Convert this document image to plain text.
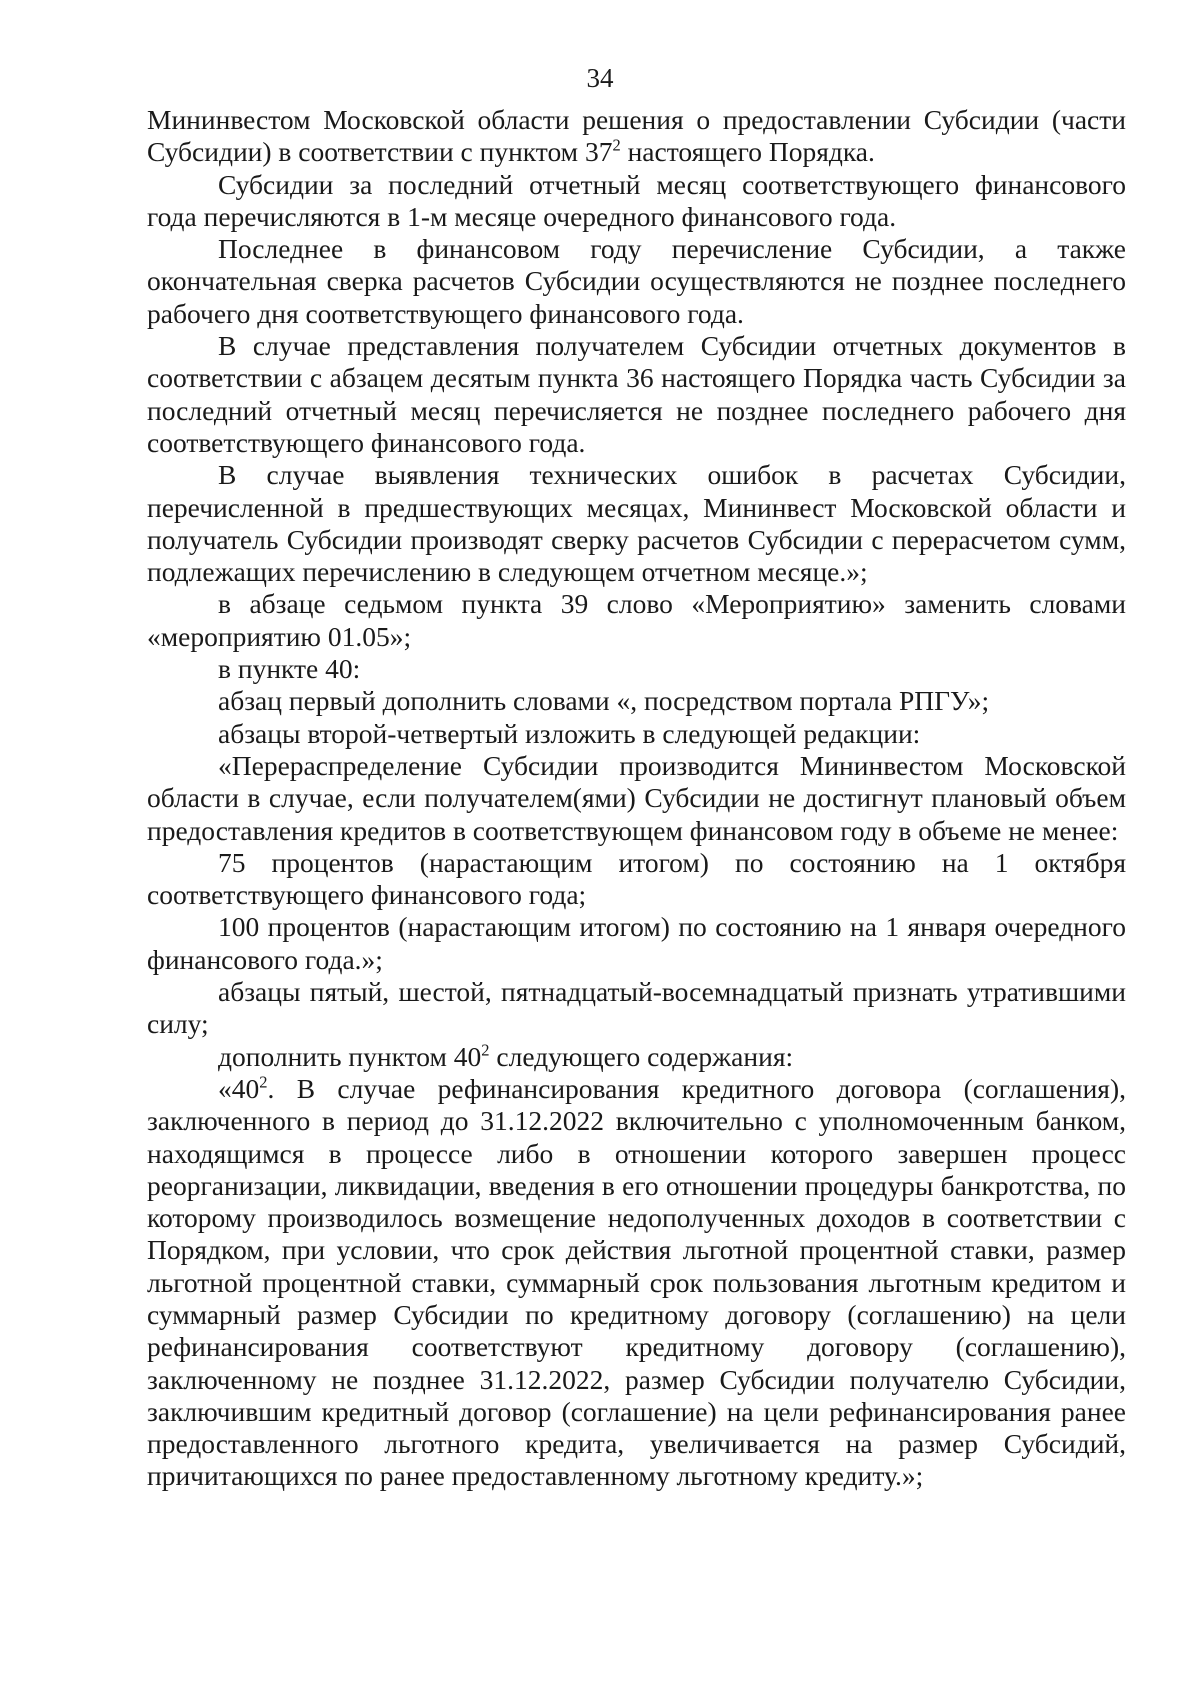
34

Мининвестом Московской области решения о предоставлении Субсидии (части Субсидии) в соответствии с пунктом $37^2$ настоящего Порядка.

Субсидии за последний отчетный месяц соответствующего финансового года перечисляются в 1-м месяце очередного финансового года.

Последнее в финансовом году перечисление Субсидии, а также окончательная сверка расчетов Субсидии осуществляются не позднее последнего рабочего дня соответствующего финансового года.

В случае представления получателем Субсидии отчетных документов в соответствии с абзацем десятым пункта 36 настоящего Порядка часть Субсидии за последний отчетный месяц перечисляется не позднее последнего рабочего дня соответствующего финансового года.

В случае выявления технических ошибок в расчетах Субсидии, перечисленной в предшествующих месяцах, Мининвест Московской области и получатель Субсидии производят сверку расчетов Субсидии с перерасчетом сумм, подлежащих перечислению в следующем отчетном месяце.»;

в абзаце седьмом пункта 39 слово «Мероприятию» заменить словами «мероприятию 01.05»;

в пункте 40:

абзац первый дополнить словами «, посредством портала РПГУ»;

абзацы второй-четвертый изложить в следующей редакции:

«Перераспределение Субсидии производится Мининвестом Московской области в случае, если получателем(ями) Субсидии не достигнут плановый объем предоставления кредитов в соответствующем финансовом году в объеме не менее:

75 процентов (нарастающим итогом) по состоянию на 1 октября соответствующего финансового года;

100 процентов (нарастающим итогом) по состоянию на 1 января очередного финансового года.»;

абзацы пятый, шестой, пятнадцатый-восемнадцатый признать утратившими силу;

дополнить пунктом $40^2$ следующего содержания:

«$40^2$. В случае рефинансирования кредитного договора (соглашения), заключенного в период до 31.12.2022 включительно с уполномоченным банком, находящимся в процессе либо в отношении которого завершен процесс реорганизации, ликвидации, введения в его отношении процедуры банкротства, по которому производилось возмещение недополученных доходов в соответствии с Порядком, при условии, что срок действия льготной процентной ставки, размер льготной процентной ставки, суммарный срок пользования льготным кредитом и суммарный размер Субсидии по кредитному договору (соглашению) на цели рефинансирования соответствуют кредитному договору (соглашению), заключенному не позднее 31.12.2022, размер Субсидии получателю Субсидии, заключившим кредитный договор (соглашение) на цели рефинансирования ранее предоставленного льготного кредита, увеличивается на размер Субсидий, причитающихся по ранее предоставленному льготному кредиту.»;
